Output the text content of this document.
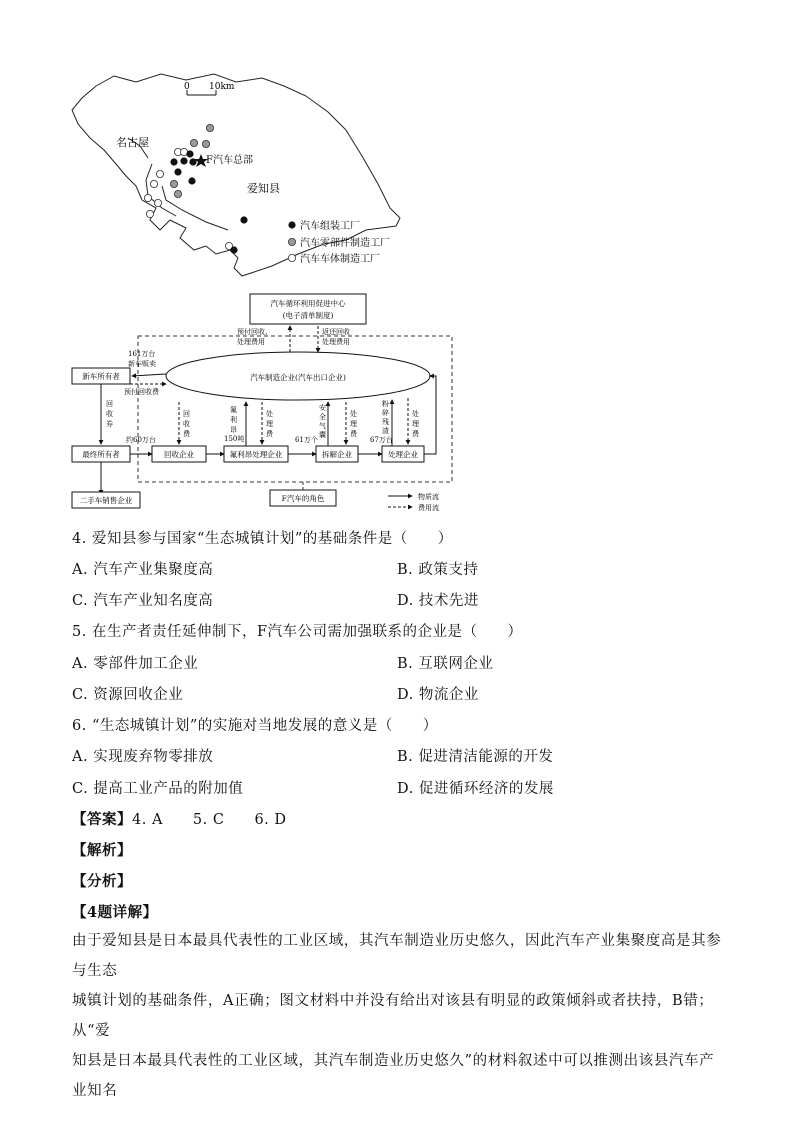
0 10km
名古屋
爱知县
F汽车总部
汽车组装工厂
汽车零部件制造工厂
汽车车体制造工厂
汽车循环利用促进中心
(电子清单制度)
预付回收、
处理费用
返还回收
处理费用
汽车制造企业(汽车出口企业)
161万台
新车贩卖
新车所有者
预付回收费
回
收
券
最终所有者
二手车销售企业
约60万台
回收企业
回
收
费
氟利昂处理企业
氟
利
昂
150吨
处
理
费
61万个
拆解企业
安
全
气
囊
处
理
费
处理企业
粉
碎
残
渣
67万台
处
理
费
F汽车的角色	物质流
费用流
4. 爱知县参与国家“生态城镇计划”的基础条件是（　　）
A. 汽车产业集聚度高	B. 政策支持
C. 汽车产业知名度高	D. 技术先进
5. 在生产者责任延伸制下，F汽车公司需加强联系的企业是（　　）
A. 零部件加工企业	B. 互联网企业
C. 资源回收企业	D. 物流企业
6. “生态城镇计划”的实施对当地发展的意义是（　　）
A. 实现废弃物零排放	B. 促进清洁能源的开发
C. 提高工业产品的附加值	D. 促进循环经济的发展
【答案】4. A　　5. C　　6. D
【解析】
【分析】
【4题详解】
由于爱知县是日本最具代表性的工业区域，其汽车制造业历史悠久，因此汽车产业集聚度高是其参与生态
城镇计划的基础条件，A正确；图文材料中并没有给出对该县有明显的政策倾斜或者扶持，B错；从“爱
知县是日本最具代表性的工业区域，其汽车制造业历史悠久”的材料叙述中可以推测出该县汽车产业知名
